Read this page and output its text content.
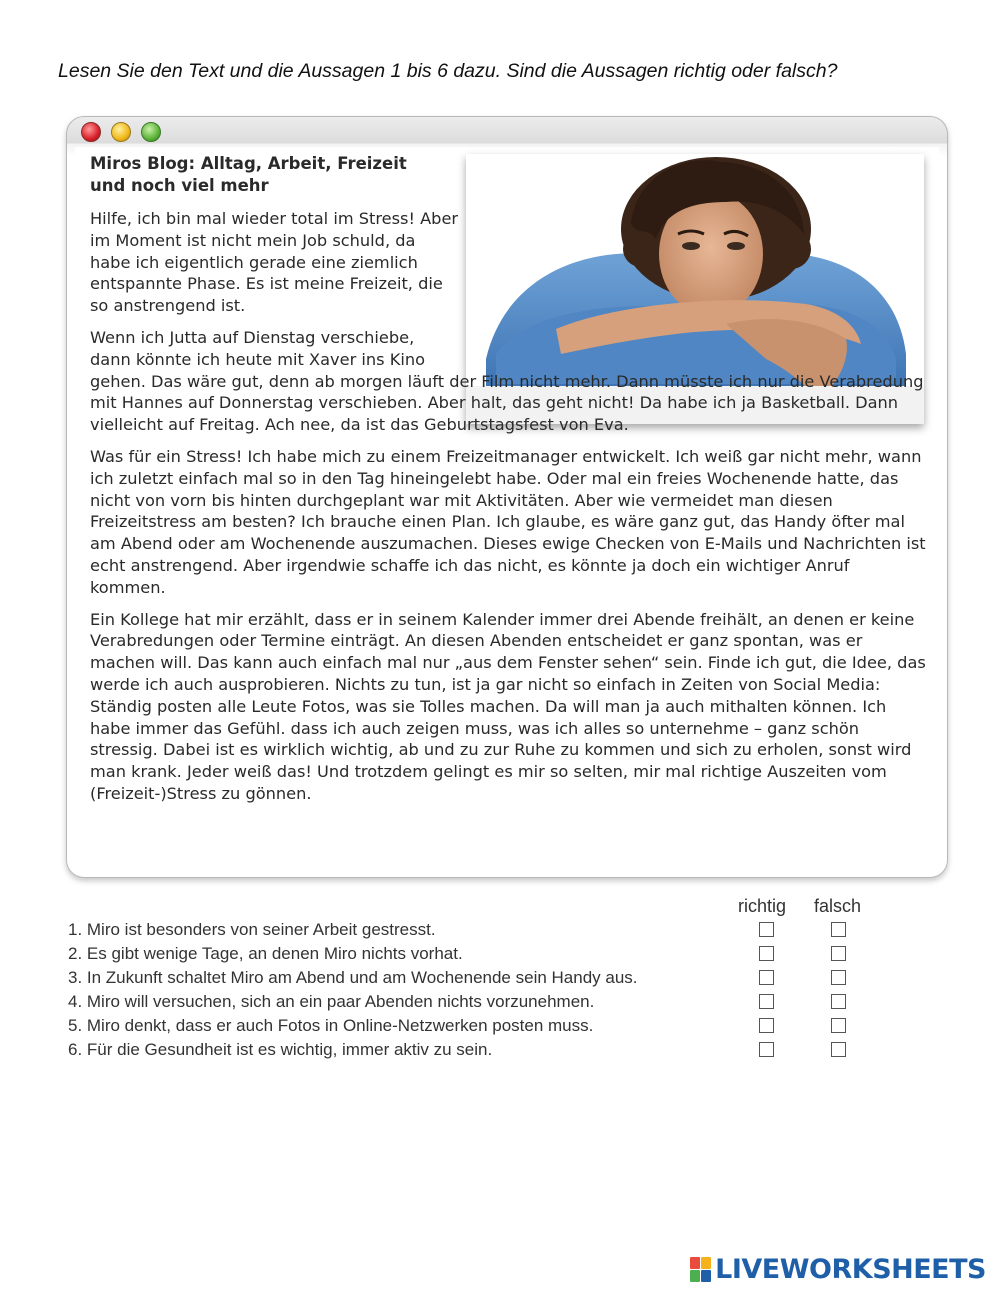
Lesen Sie den Text und die Aussagen 1 bis 6 dazu. Sind die Aussagen richtig oder falsch?
Miros Blog: Alltag, Arbeit, Freizeit und noch viel mehr

Hilfe, ich bin mal wieder total im Stress! Aber im Moment ist nicht mein Job schuld, da habe ich eigentlich gerade eine ziemlich entspannte Phase. Es ist meine Freizeit, die so anstrengend ist.

Wenn ich Jutta auf Dienstag verschiebe, dann könnte ich heute mit Xaver ins Kino gehen. Das wäre gut, denn ab morgen läuft der Film nicht mehr. Dann müsste ich nur die Verabredung mit Hannes auf Donnerstag verschieben. Aber halt, das geht nicht! Da habe ich ja Basketball. Dann vielleicht auf Freitag. Ach nee, da ist das Geburtstagsfest von Eva.

Was für ein Stress! Ich habe mich zu einem Freizeitmanager entwickelt. Ich weiß gar nicht mehr, wann ich zuletzt einfach mal so in den Tag hineingelebt habe. Oder mal ein freies Wochenende hatte, das nicht von vorn bis hinten durchgeplant war mit Aktivitäten. Aber wie vermeidet man diesen Freizeitstress am besten? Ich brauche einen Plan. Ich glaube, es wäre ganz gut, das Handy öfter mal am Abend oder am Wochenende auszumachen. Dieses ewige Checken von E-Mails und Nachrichten ist echt anstrengend. Aber irgendwie schaffe ich das nicht, es könnte ja doch ein wichtiger Anruf kommen.

Ein Kollege hat mir erzählt, dass er in seinem Kalender immer drei Abende freihält, an denen er keine Verabredungen oder Termine einträgt. An diesen Abenden entscheidet er ganz spontan, was er machen will. Das kann auch einfach mal nur „aus dem Fenster sehen“ sein. Finde ich gut, die Idee, das werde ich auch ausprobieren. Nichts zu tun, ist ja gar nicht so einfach in Zeiten von Social Media: Ständig posten alle Leute Fotos, was sie Tolles machen. Da will man ja auch mithalten können. Ich habe immer das Gefühl. dass ich auch zeigen muss, was ich alles so unternehme – ganz schön stressig. Dabei ist es wirklich wichtig, ab und zu zur Ruhe zu kommen und sich zu erholen, sonst wird man krank. Jeder weiß das! Und trotzdem gelingt es mir so selten, mir mal richtige Auszeiten vom (Freizeit-)Stress zu gönnen.

richtig falsch
1. Miro ist besonders von seiner Arbeit gestresst.
2. Es gibt wenige Tage, an denen Miro nichts vorhat.
3. In Zukunft schaltet Miro am Abend und am Wochenende sein Handy aus.
4. Miro will versuchen, sich an ein paar Abenden nichts vorzunehmen.
5. Miro denkt, dass er auch Fotos in Online-Netzwerken posten muss.
6. Für die Gesundheit ist es wichtig, immer aktiv zu sein.
LIVEWORKSHEETS
